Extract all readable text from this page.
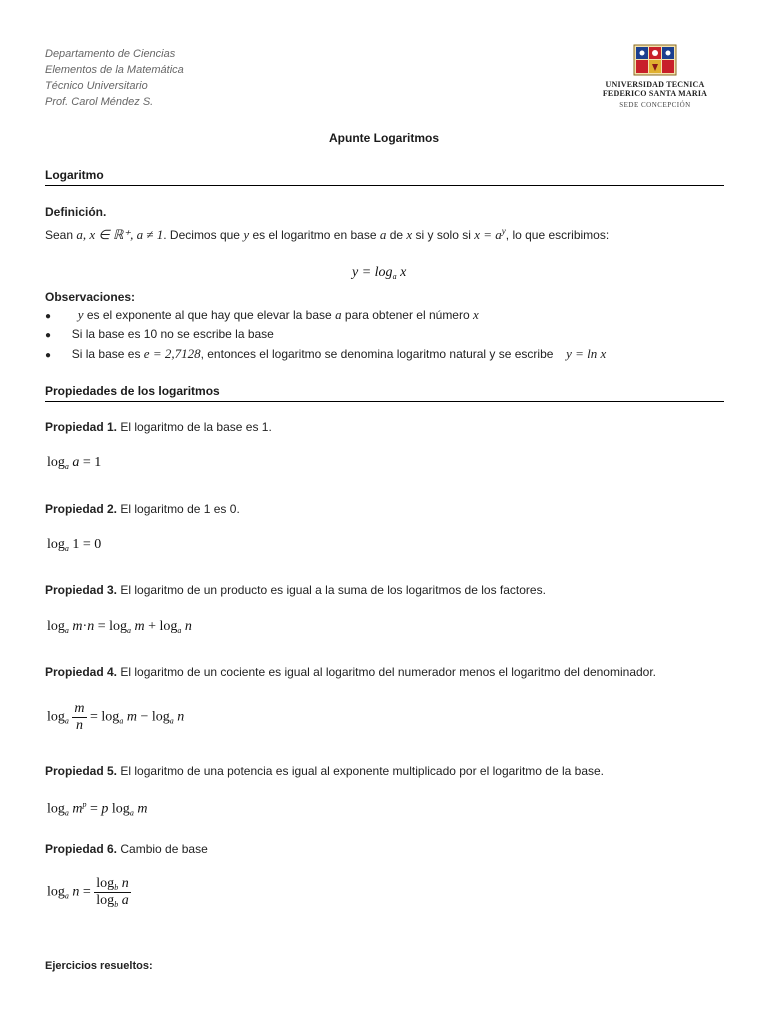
Departamento de Ciencias
Elementos de la Matemática
Técnico Universitario
Prof. Carol Méndez S.
UNIVERSIDAD TECNICA
FEDERICO SANTA MARIA
SEDE CONCEPCIÓN
Apunte Logaritmos
Logaritmo
Definición.
Sean a, x ∈ ℝ⁺, a ≠ 1. Decimos que y es el logaritmo en base a de x si y solo si $x = a^y$, lo que escribimos:
$y = \log_a x$
Observaciones:
● y es el exponente al que hay que elevar la base a para obtener el número x
● Si la base es 10 no se escribe la base
● Si la base es e = 2,7128, entonces el logaritmo se denomina logaritmo natural y se escribe y = ln x
Propiedades de los logaritmos
Propiedad 1. El logaritmo de la base es 1.
$\log_a a = 1$
Propiedad 2. El logaritmo de 1 es 0.
$\log_a 1 = 0$
Propiedad 3. El logaritmo de un producto es igual a la suma de los logaritmos de los factores.
$\log_a m\cdot n = \log_a m + \log_a n$
Propiedad 4. El logaritmo de un cociente es igual al logaritmo del numerador menos el logaritmo del denominador.
$\log_a \frac{m}{n} = \log_a m - \log_a n$
Propiedad 5. El logaritmo de una potencia es igual al exponente multiplicado por el logaritmo de la base.
$\log_a m^p = p$ $\log_a m$
Propiedad 6. Cambio de base
$\log_a n = \frac{\log_b n}{\log_b a}$
Ejercicios resueltos:
